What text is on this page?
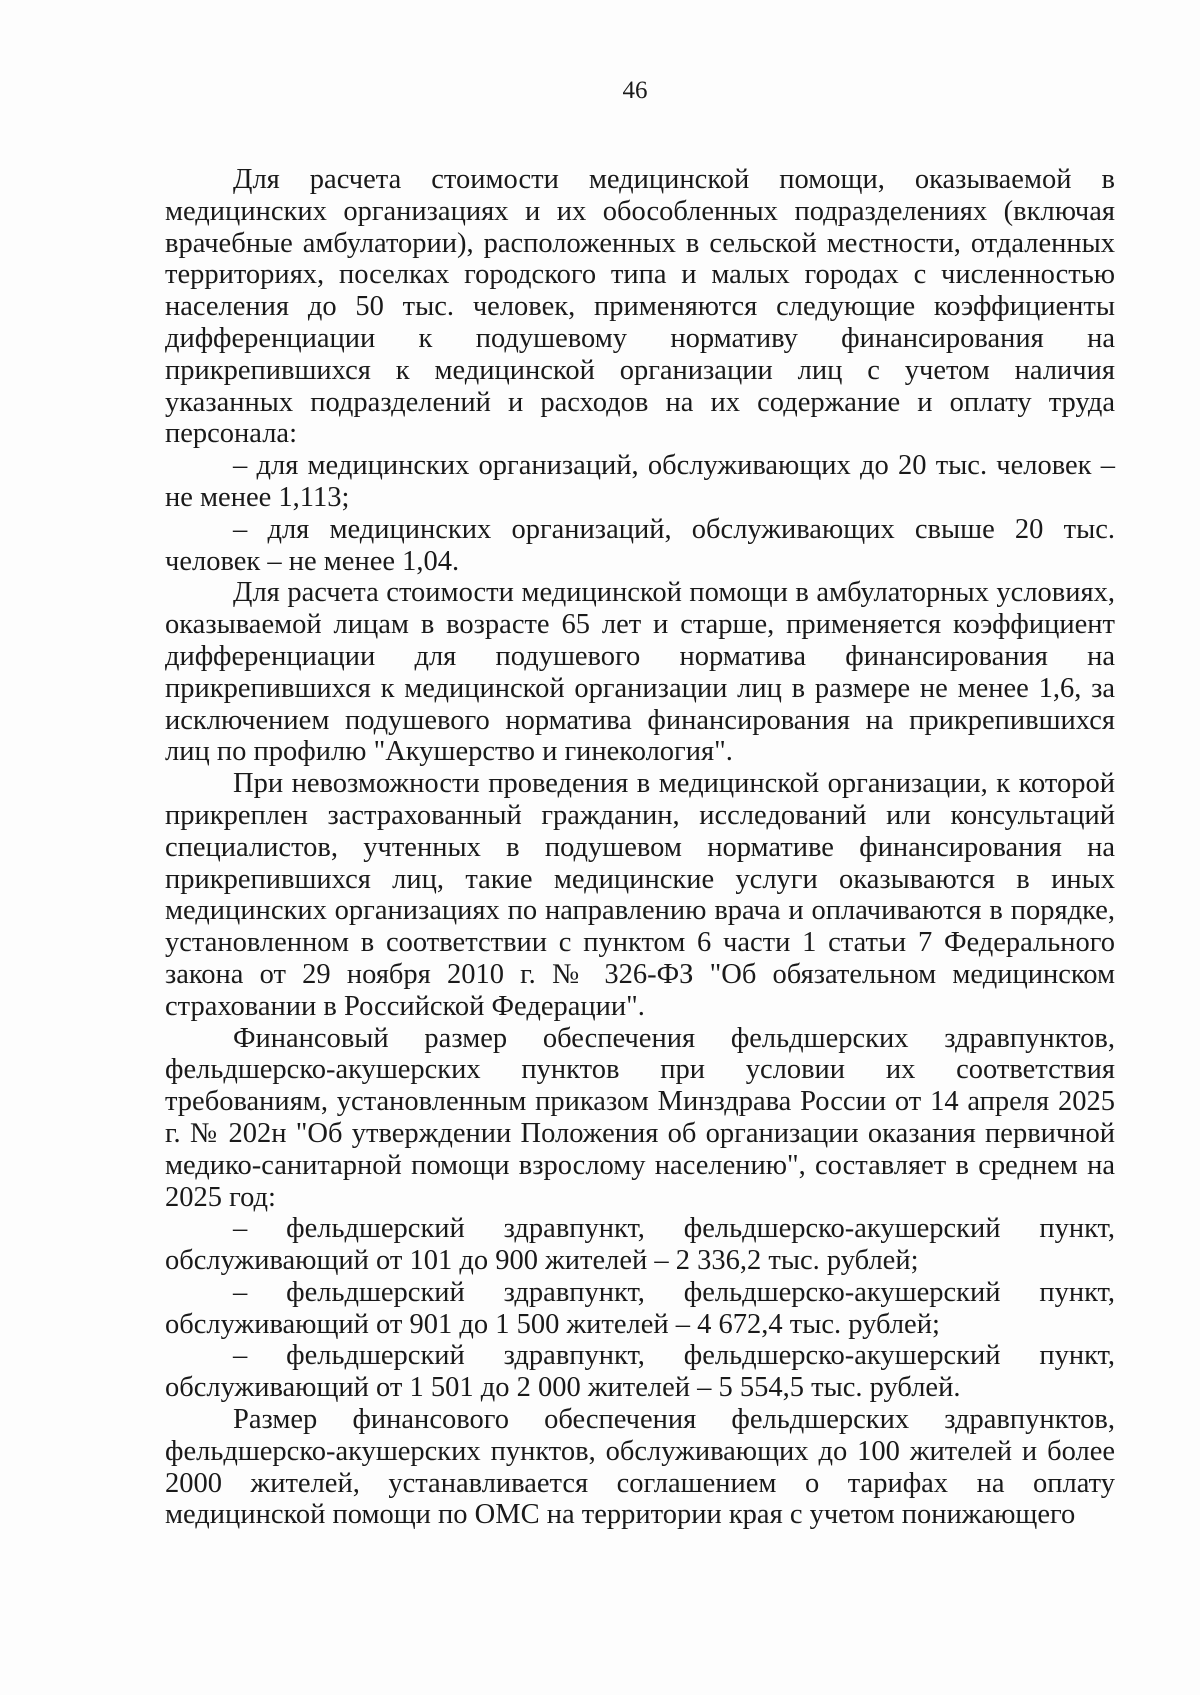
46

Для расчета стоимости медицинской помощи, оказываемой в медицинских организациях и их обособленных подразделениях (включая врачебные амбулатории), расположенных в сельской местности, отдаленных территориях, поселках городского типа и малых городах с численностью населения до 50 тыс. человек, применяются следующие коэффициенты дифференциации к подушевому нормативу финансирования на прикрепившихся к медицинской организации лиц с учетом наличия указанных подразделений и расходов на их содержание и оплату труда персонала:

– для медицинских организаций, обслуживающих до 20 тыс. человек – не менее 1,113;

– для медицинских организаций, обслуживающих свыше 20 тыс. человек – не менее 1,04.

Для расчета стоимости медицинской помощи в амбулаторных условиях, оказываемой лицам в возрасте 65 лет и старше, применяется коэффициент дифференциации для подушевого норматива финансирования на прикрепившихся к медицинской организации лиц в размере не менее 1,6, за исключением подушевого норматива финансирования на прикрепившихся лиц по профилю "Акушерство и гинекология".

При невозможности проведения в медицинской организации, к которой прикреплен застрахованный гражданин, исследований или консультаций специалистов, учтенных в подушевом нормативе финансирования на прикрепившихся лиц, такие медицинские услуги оказываются в иных медицинских организациях по направлению врача и оплачиваются в порядке, установленном в соответствии с пунктом 6 части 1 статьи 7 Федерального закона от 29 ноября 2010 г. № 326-ФЗ "Об обязательном медицинском страховании в Российской Федерации".

Финансовый размер обеспечения фельдшерских здравпунктов, фельдшерско-акушерских пунктов при условии их соответствия требованиям, установленным приказом Минздрава России от 14 апреля 2025 г. № 202н "Об утверждении Положения об организации оказания первичной медико-санитарной помощи взрослому населению", составляет в среднем на 2025 год:

– фельдшерский здравпункт, фельдшерско-акушерский пункт, обслуживающий от 101 до 900 жителей – 2 336,2 тыс. рублей;

– фельдшерский здравпункт, фельдшерско-акушерский пункт, обслуживающий от 901 до 1 500 жителей – 4 672,4 тыс. рублей;

– фельдшерский здравпункт, фельдшерско-акушерский пункт, обслуживающий от 1 501 до 2 000 жителей – 5 554,5 тыс. рублей.

Размер финансового обеспечения фельдшерских здравпунктов, фельдшерско-акушерских пунктов, обслуживающих до 100 жителей и более 2000 жителей, устанавливается соглашением о тарифах на оплату медицинской помощи по ОМС на территории края с учетом понижающего
